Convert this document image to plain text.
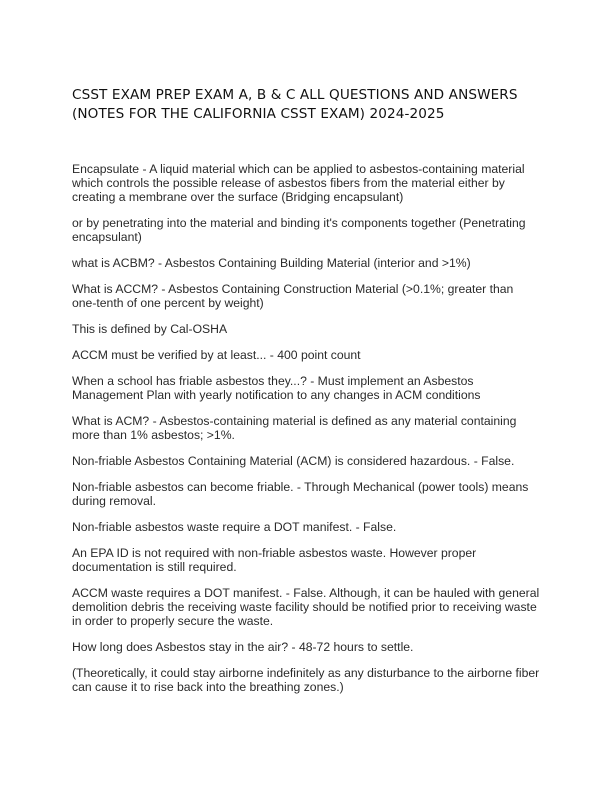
CSST EXAM PREP EXAM A, B & C ALL QUESTIONS AND ANSWERS (NOTES FOR THE CALIFORNIA CSST EXAM) 2024-2025

Encapsulate - A liquid material which can be applied to asbestos-containing material which controls the possible release of asbestos fibers from the material either by creating a membrane over the surface (Bridging encapsulant)

or by penetrating into the material and binding it's components together (Penetrating encapsulant)

what is ACBM? - Asbestos Containing Building Material (interior and >1%)

What is ACCM? - Asbestos Containing Construction Material (>0.1%; greater than one-tenth of one percent by weight)

This is defined by Cal-OSHA

ACCM must be verified by at least... - 400 point count

When a school has friable asbestos they...? - Must implement an Asbestos Management Plan with yearly notification to any changes in ACM conditions

What is ACM? - Asbestos-containing material is defined as any material containing more than 1% asbestos; >1%.

Non-friable Asbestos Containing Material (ACM) is considered hazardous. - False.

Non-friable asbestos can become friable. - Through Mechanical (power tools) means during removal.

Non-friable asbestos waste require a DOT manifest. - False.

An EPA ID is not required with non-friable asbestos waste. However proper documentation is still required.

ACCM waste requires a DOT manifest. - False. Although, it can be hauled with general demolition debris the receiving waste facility should be notified prior to receiving waste in order to properly secure the waste.

How long does Asbestos stay in the air? - 48-72 hours to settle.

(Theoretically, it could stay airborne indefinitely as any disturbance to the airborne fiber can cause it to rise back into the breathing zones.)
